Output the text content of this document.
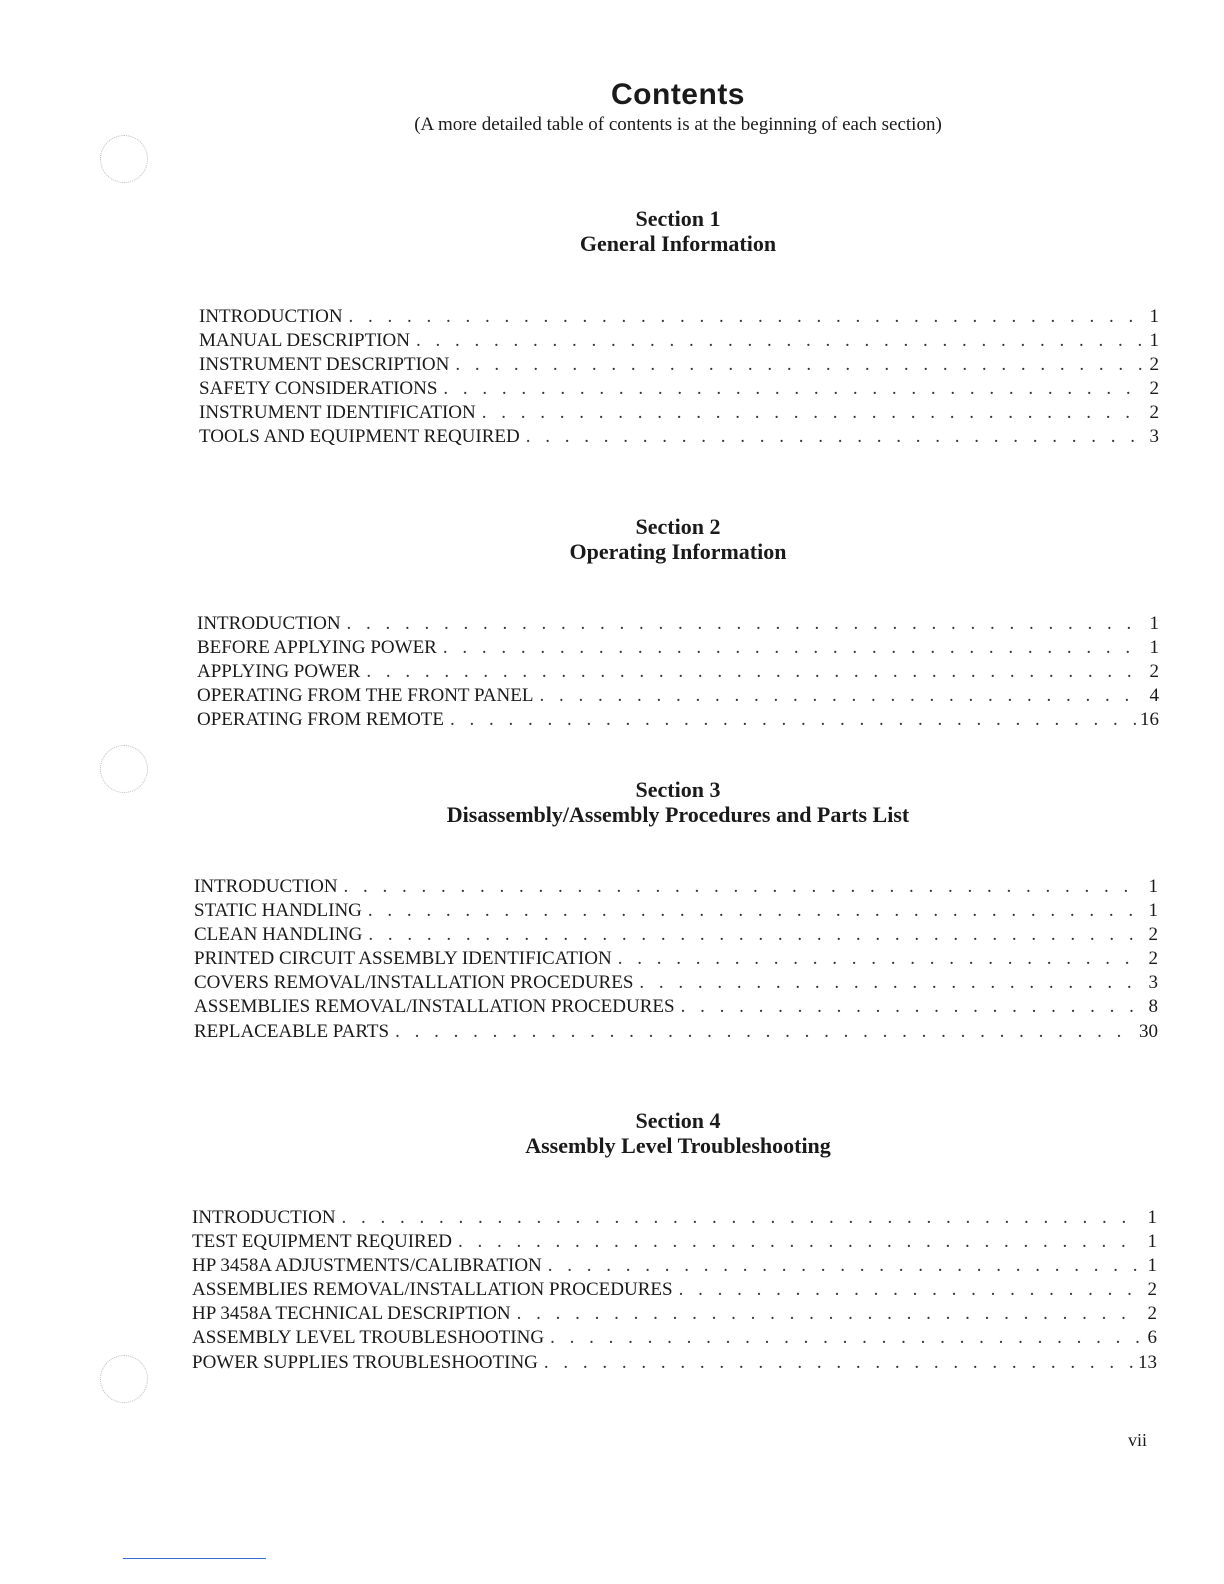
Contents
(A more detailed table of contents is at the beginning of each section)
Section 1
General Information
INTRODUCTION . . .	1
MANUAL DESCRIPTION . . .	1
INSTRUMENT DESCRIPTION . . .	2
SAFETY CONSIDERATIONS . . .	2
INSTRUMENT IDENTIFICATION . . .	2
TOOLS AND EQUIPMENT REQUIRED . . .	3
Section 2
Operating Information
INTRODUCTION . . .	1
BEFORE APPLYING POWER . . .	1
APPLYING POWER . . .	2
OPERATING FROM THE FRONT PANEL . . .	4
OPERATING FROM REMOTE . . .	16
Section 3
Disassembly/Assembly Procedures and Parts List
INTRODUCTION . . .	1
STATIC HANDLING . . .	1
CLEAN HANDLING . . .	2
PRINTED CIRCUIT ASSEMBLY IDENTIFICATION . . .	2
COVERS REMOVAL/INSTALLATION PROCEDURES . . .	3
ASSEMBLIES REMOVAL/INSTALLATION PROCEDURES . . .	8
REPLACEABLE PARTS . . .	30
Section 4
Assembly Level Troubleshooting
INTRODUCTION . . .	1
TEST EQUIPMENT REQUIRED . . .	1
HP 3458A ADJUSTMENTS/CALIBRATION . . .	1
ASSEMBLIES REMOVAL/INSTALLATION PROCEDURES . . .	2
HP 3458A TECHNICAL DESCRIPTION . . .	2
ASSEMBLY LEVEL TROUBLESHOOTING . . .	6
POWER SUPPLIES TROUBLESHOOTING . . .	13
vii
